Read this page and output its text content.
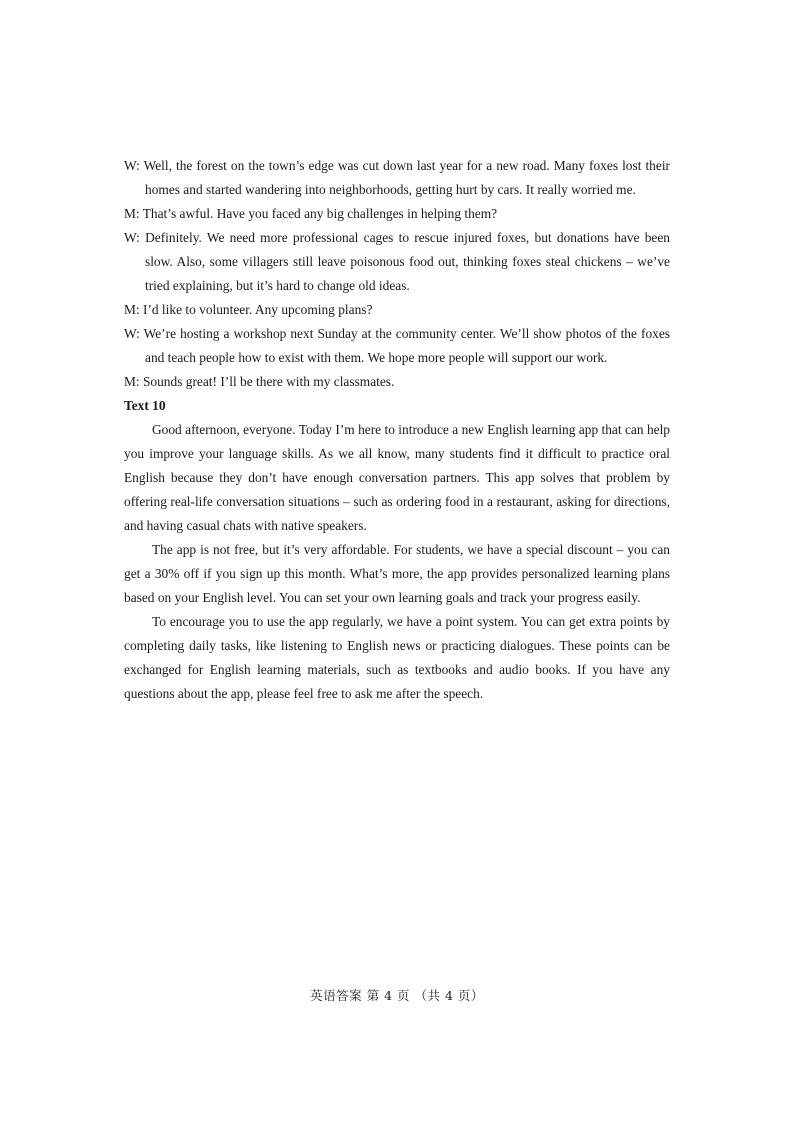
W: Well, the forest on the town’s edge was cut down last year for a new road. Many foxes lost their homes and started wandering into neighborhoods, getting hurt by cars. It really worried me.

M: That’s awful. Have you faced any big challenges in helping them?

W: Definitely. We need more professional cages to rescue injured foxes, but donations have been slow. Also, some villagers still leave poisonous food out, thinking foxes steal chickens – we’ve tried explaining, but it’s hard to change old ideas.

M: I’d like to volunteer. Any upcoming plans?

W: We’re hosting a workshop next Sunday at the community center. We’ll show photos of the foxes and teach people how to exist with them. We hope more people will support our work.

M: Sounds great! I’ll be there with my classmates.

Text 10

Good afternoon, everyone. Today I’m here to introduce a new English learning app that can help you improve your language skills. As we all know, many students find it difficult to practice oral English because they don’t have enough conversation partners. This app solves that problem by offering real-life conversation situations – such as ordering food in a restaurant, asking for directions, and having casual chats with native speakers.

The app is not free, but it’s very affordable. For students, we have a special discount – you can get a 30% off if you sign up this month. What’s more, the app provides personalized learning plans based on your English level. You can set your own learning goals and track your progress easily.

To encourage you to use the app regularly, we have a point system. You can get extra points by completing daily tasks, like listening to English news or practicing dialogues. These points can be exchanged for English learning materials, such as textbooks and audio books. If you have any questions about the app, please feel free to ask me after the speech.

英语答案 第 4 页 （共 4 页）
